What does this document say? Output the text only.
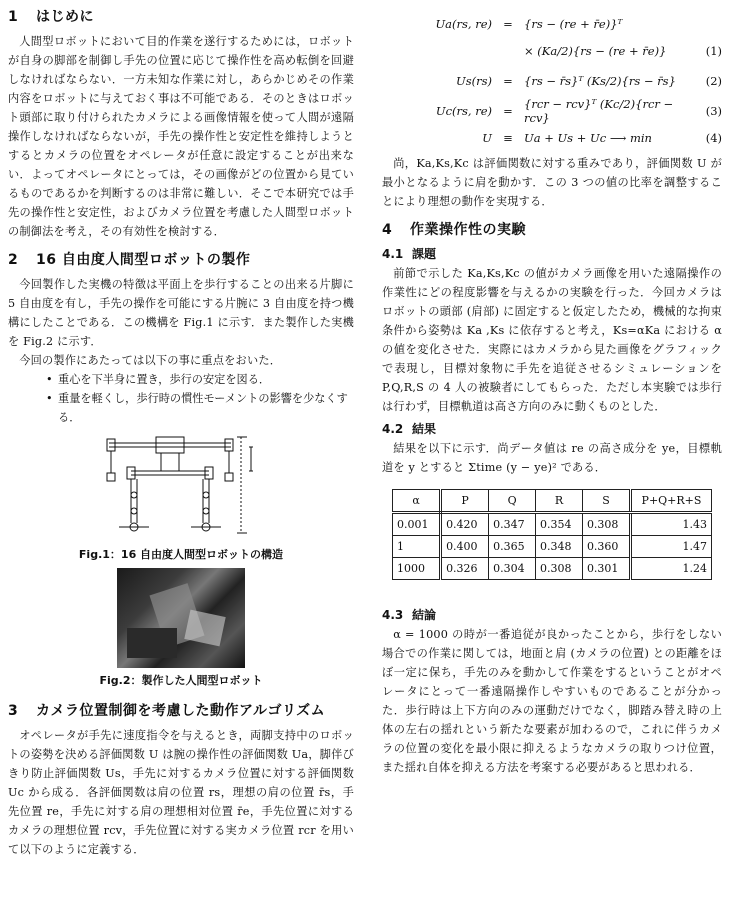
1 はじめに

人間型ロボットにおいて目的作業を遂行するためには，ロボットが自身の脚部を制御し手先の位置に応じて操作性を高め転倒を回避しなければならない．一方未知な作業に対し，あらかじめその作業内容をロボットに与えておく事は不可能である．そのときはロボット頭部に取り付けられたカメラによる画像情報を使って人間が遠隔操作しなければならないが，手先の操作性と安定性を維持しようとするとカメラの位置をオペレータが任意に設定することが出来ない．よってオペレータにとっては，その画像がどの位置から見ているものであるかを判断するのは非常に難しい．そこで本研究では手先の操作性と安定性，およびカメラ位置を考慮した人間型ロボットの制御法を考え，その有効性を検討する．

2 16 自由度人間型ロボットの製作

今回製作した実機の特徴は平面上を歩行することの出来る片脚に 5 自由度を有し，手先の操作を可能にする片腕に 3 自由度を持つ機構にしたことである．この機構を Fig.1 に示す．また製作した実機を Fig.2 に示す．

今回の製作にあたっては以下の事に重点をおいた．

• 重心を下半身に置き，歩行の安定を図る．
• 重量を軽くし，歩行時の慣性モーメントの影響を少なくする．
Fig.1：16 自由度人間型ロボットの構造
Fig.2：製作した人間型ロボット
3 カメラ位置制御を考慮した動作アルゴリズム

オペレータが手先に速度指令を与えるとき，両脚支持中のロボットの姿勢を決める評価関数 U は腕の操作性の評価関数 Ua，脚伴びきり防止評価関数 Us，手先に対するカメラ位置に対する評価関数 Uc から成る．各評価関数は肩の位置 rs，理想の肩の位置 r̄s，手先位置 re，手先に対する肩の理想相対位置 r̄e，手先位置に対するカメラの理想位置 rcv，手先位置に対する実カメラ位置 rcr を用いて以下のように定義する．

Ua(rs, re) = {rs − (re + r̄e)}ᵀ
× (Ka/2){rs − (re + r̄e)}	(1)
Us(rs) = {rs − r̄s}ᵀ (Ks/2){rs − r̄s}	(2)
Uc(rs, re) = {rcr − rcv}ᵀ (Kc/2){rcr − rcv}	(3)
U ≡ Ua + Us + Uc ⟶ min	(4)

尚，Ka,Ks,Kc は評価関数に対する重みであり，評価関数 U が最小となるように肩を動かす．この 3 つの値の比率を調整することにより理想の動作を実現する．

4 作業操作性の実験
4.1 課題

前節で示した Ka,Ks,Kc の値がカメラ画像を用いた遠隔操作の作業性にどの程度影響を与えるかの実験を行った．今回カメラはロボットの頭部 (肩部) に固定すると仮定したため，機械的な拘束条件から姿勢は Ka ,Ks に依存すると考え，Ks=αKa における α の値を変化させた．実際にはカメラから見た画像をグラフィックで表現し，目標対象物に手先を追従させるシミュレーションを P,Q,R,S の 4 人の被験者にしてもらった．ただし本実験では歩行は行わず，目標軌道は高さ方向のみに動くものとした．

4.2 結果

結果を以下に示す．尚データ値は re の高さ成分を ye，目標軌道を y とすると Σtime (y − ye)² である．

α	P	Q	R	S	P+Q+R+S
0.001	0.420	0.347	0.354	0.308	1.43
1	0.400	0.365	0.348	0.360	1.47
1000	0.326	0.304	0.308	0.301	1.24
4.3 結論

α = 1000 の時が一番追従が良かったことから，歩行をしない場合での作業に関しては，地面と肩 (カメラの位置) との距離をほぼ一定に保ち，手先のみを動かして作業をするということがオペレータにとって一番遠隔操作しやすいものであることが分かった．歩行時は上下方向のみの運動だけでなく，脚踏み替え時の上体の左右の揺れという新たな要素が加わるので，これに伴うカメラの位置の変化を最小限に抑えるようなカメラの取りつけ位置，また揺れ自体を抑える方法を考案する必要があると思われる．
